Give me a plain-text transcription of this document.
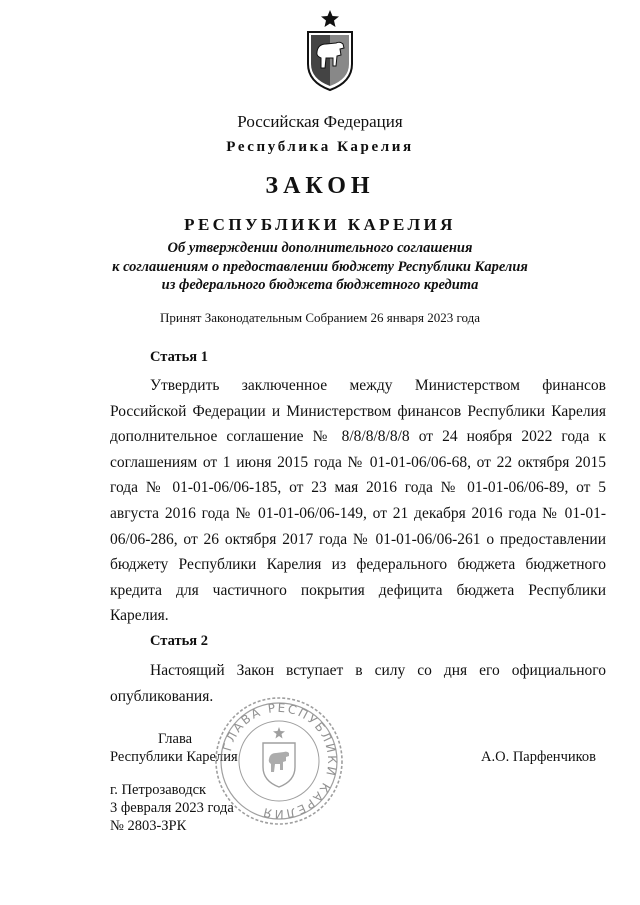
Российская Федерация
Республика Карелия
ЗАКОН
РЕСПУБЛИКИ КАРЕЛИЯ
Об утверждении дополнительного соглашения
к соглашениям о предоставлении бюджету Республики Карелия
из федерального бюджета бюджетного кредита
Принят Законодательным Собранием 26 января 2023 года
Статья 1
Утвердить заключенное между Министерством финансов Российской Федерации и Министерством финансов Республики Карелия дополнительное соглашение № 8/8/8/8/8/8 от 24 ноября 2022 года к соглашениям от 1 июня 2015 года № 01-01-06/06-68, от 22 октября 2015 года № 01-01-06/06-185, от 23 мая 2016 года № 01-01-06/06-89, от 5 августа 2016 года № 01-01-06/06-149, от 21 декабря 2016 года № 01-01-06/06-286, от 26 октября 2017 года № 01-01-06/06-261 о предоставлении бюджету Республики Карелия из федерального бюджета бюджетного кредита для частичного покрытия дефицита бюджета Республики Карелия.
Статья 2
Настоящий Закон вступает в силу со дня его официального опубликования.
Глава
Республики Карелия	А.О. Парфенчиков
г. Петрозаводск
3 февраля 2023 года
№ 2803-ЗРК
ГЛАВА РЕСПУБЛИКИ КАРЕЛИЯ
